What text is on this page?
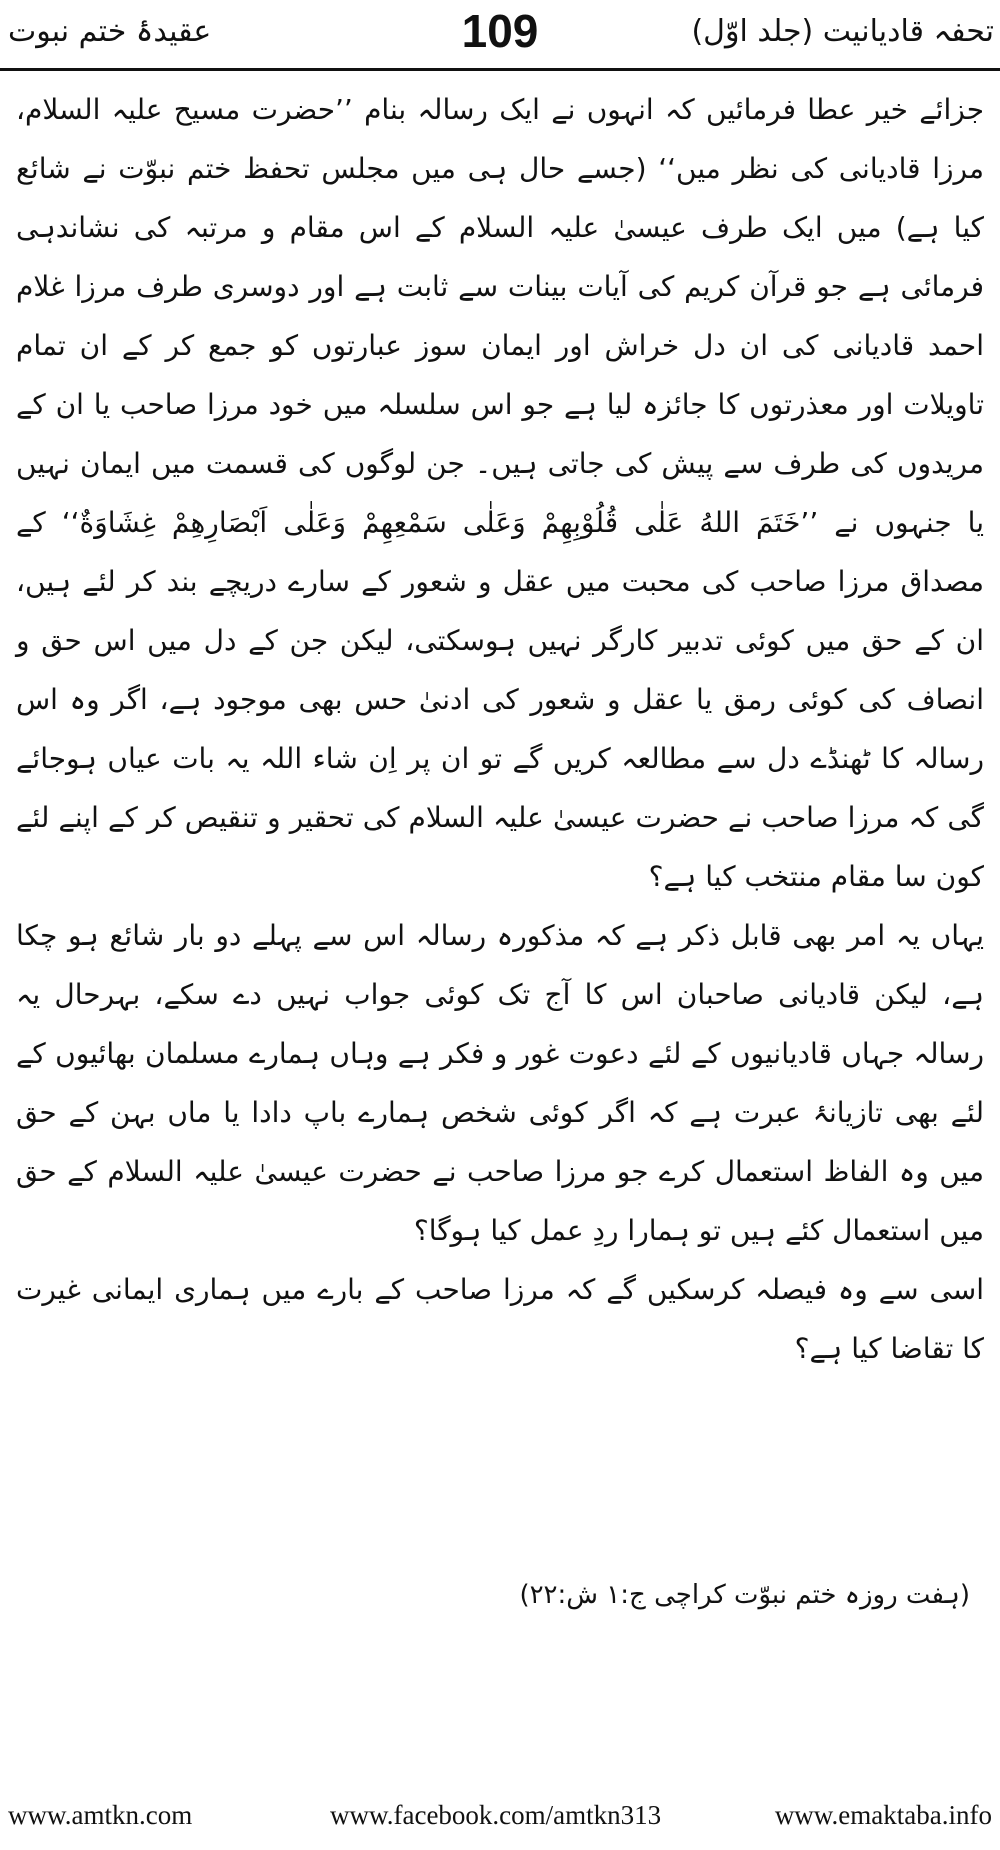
تحفہ قادیانیت (جلد اوّل)
109
عقیدۂ ختم نبوت

جزائے خیر عطا فرمائیں کہ انہوں نے ایک رسالہ بنام ’’حضرت مسیح علیہ السلام، مرزا قادیانی کی نظر میں‘‘ (جسے حال ہی میں مجلس تحفظ ختم نبوّت نے شائع کیا ہے) میں ایک طرف عیسیٰ علیہ السلام کے اس مقام و مرتبہ کی نشاندہی فرمائی ہے جو قرآن کریم کی آیات بینات سے ثابت ہے اور دوسری طرف مرزا غلام احمد قادیانی کی ان دل خراش اور ایمان سوز عبارتوں کو جمع کر کے ان تمام تاویلات اور معذرتوں کا جائزہ لیا ہے جو اس سلسلہ میں خود مرزا صاحب یا ان کے مریدوں کی طرف سے پیش کی جاتی ہیں۔ جن لوگوں کی قسمت میں ایمان نہیں یا جنہوں نے ’’خَتَمَ اللهُ عَلٰى قُلُوْبِهِمْ وَعَلٰى سَمْعِهِمْ وَعَلٰى اَبْصَارِهِمْ غِشَاوَةٌ‘‘ کے مصداق مرزا صاحب کی محبت میں عقل و شعور کے سارے دریچے بند کر لئے ہیں، ان کے حق میں کوئی تدبیر کارگر نہیں ہوسکتی، لیکن جن کے دل میں اس حق و انصاف کی کوئی رمق یا عقل و شعور کی ادنیٰ حس بھی موجود ہے، اگر وہ اس رسالہ کا ٹھنڈے دل سے مطالعہ کریں گے تو ان پر اِن شاء اللہ یہ بات عیاں ہوجائے گی کہ مرزا صاحب نے حضرت عیسیٰ علیہ السلام کی تحقیر و تنقیص کر کے اپنے لئے کون سا مقام منتخب کیا ہے؟

یہاں یہ امر بھی قابل ذکر ہے کہ مذکورہ رسالہ اس سے پہلے دو بار شائع ہو چکا ہے، لیکن قادیانی صاحبان اس کا آج تک کوئی جواب نہیں دے سکے، بہرحال یہ رسالہ جہاں قادیانیوں کے لئے دعوت غور و فکر ہے وہاں ہمارے مسلمان بھائیوں کے لئے بھی تازیانۂ عبرت ہے کہ اگر کوئی شخص ہمارے باپ دادا یا ماں بہن کے حق میں وہ الفاظ استعمال کرے جو مرزا صاحب نے حضرت عیسیٰ علیہ السلام کے حق میں استعمال کئے ہیں تو ہمارا ردِ عمل کیا ہوگا؟

اسی سے وہ فیصلہ کرسکیں گے کہ مرزا صاحب کے بارے میں ہماری ایمانی غیرت کا تقاضا کیا ہے؟

(ہفت روزہ ختم نبوّت کراچی ج:۱ ش:۲۲)
www.amtkn.com	www.facebook.com/amtkn313	www.emaktaba.info
